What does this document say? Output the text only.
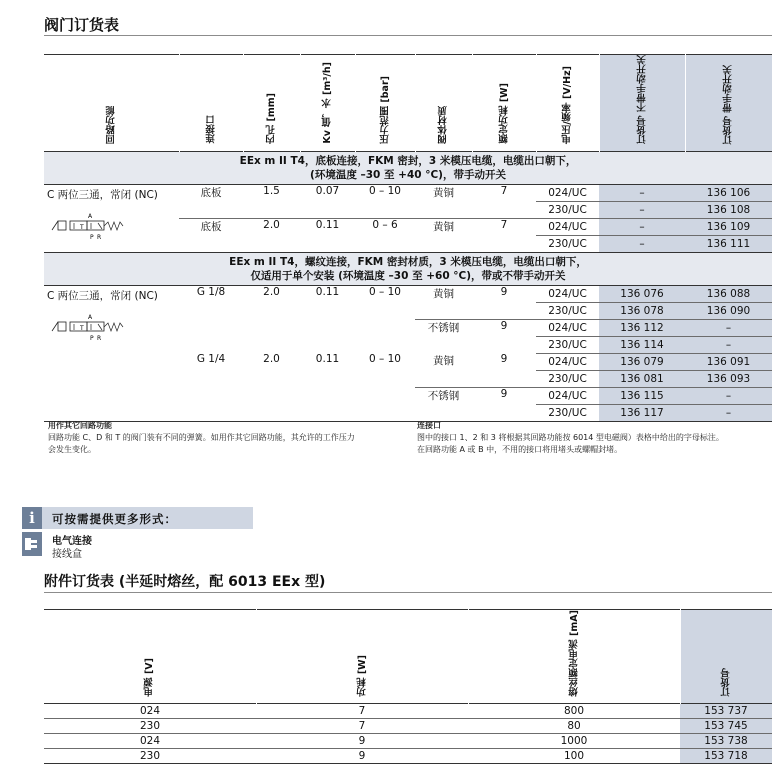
阀门订货表
回路功能	连接口	内孔 [mm]	Kv 值，水 [m³/h]	压力范围 [bar]	阀体材质	额定功耗 [W]	电压/频率 [V/Hz]	订货号 不带手动开关	订货号 带手动开关
EEx m II T4，底板连接，FKM 密封，3 米模压电缆，电缆出口朝下，
(环境温度 –30 至 +40 °C)，带手动开关									

C 两位三通，常闭 (NC)
A
T
P R	底板	1.5	0.07	0 – 10	黄铜	7	024/UC	–	136 106
							230/UC	–	136 108
	底板	2.0	0.11	0 – 6	黄铜	7	024/UC	–	136 109
							230/UC	–	136 111
EEx m II T4，螺纹连接，FKM 密封材质，3 米模压电缆，电缆出口朝下，
仅适用于单个安装 (环境温度 –30 至 +60 °C)，带或不带手动开关									

C 两位三通，常闭 (NC)
A
T
P R	G 1/8	2.0	0.11	0 – 10	黄铜	9	024/UC	136 076	136 088
							230/UC	136 078	136 090
					不锈钢	9	024/UC	136 112	–
							230/UC	136 114	–
	G 1/4	2.0	0.11	0 – 10	黄铜	9	024/UC	136 079	136 091
							230/UC	136 081	136 093
					不锈钢	9	024/UC	136 115	–
							230/UC	136 117	–
用作其它回路功能
回路功能 C、D 和 T 的阀门装有不同的弹簧。如用作其它回路功能，其允许的工作压力
会发生变化。
连接口
图中的接口 1、2 和 3 将根据其回路功能按 6014 型电磁阀）表格中给出的字母标注。
在回路功能 A 或 B 中，不用的接口将用堵头或螺帽封堵。
i	可按需提供更多形式：
电气连接
接线盒
附件订货表 (半延时熔丝，配 6013 EEx 型)
电源 [V]	功耗 [W]	熔丝额定电流 [mA]	订货号
024	7	800	153 737
230	7	80	153 745
024	9	1000	153 738
230	9	100	153 718
